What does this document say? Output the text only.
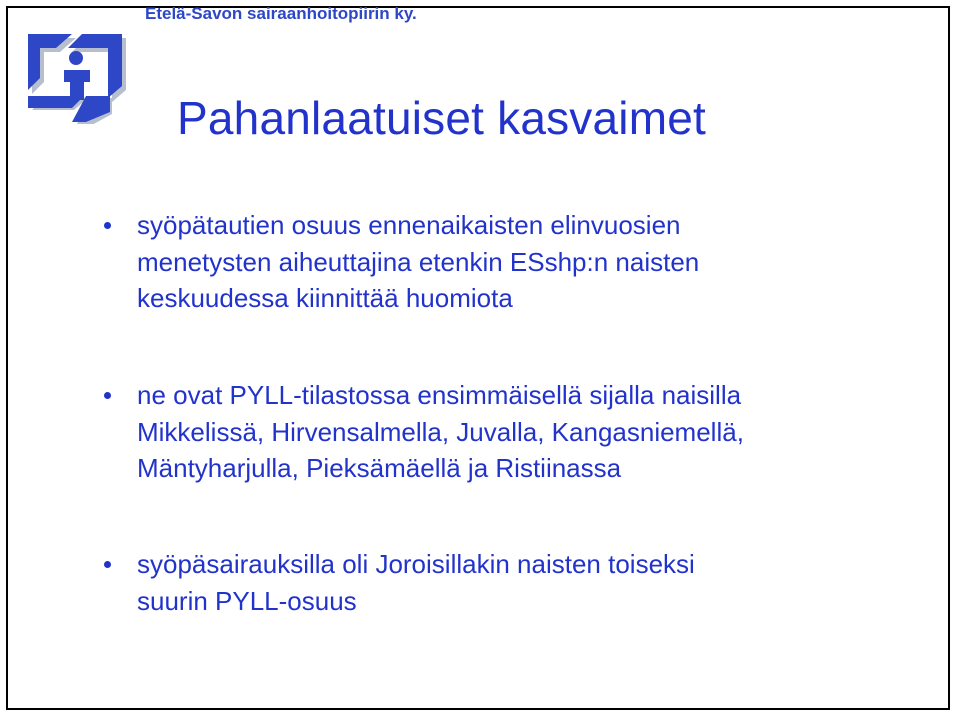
Etelä-Savon sairaanhoitopiirin ky.
Pahanlaatuiset kasvaimet
syöpätautien osuus ennenaikaisten elinvuosien
menetysten aiheuttajina etenkin ESshp:n naisten
keskuudessa kiinnittää huomiota
ne ovat PYLL-tilastossa ensimmäisellä sijalla naisilla
Mikkelissä, Hirvensalmella, Juvalla, Kangasniemellä,
Mäntyharjulla, Pieksämäellä ja Ristiinassa
syöpäsairauksilla oli Joroisillakin naisten toiseksi
suurin PYLL-osuus
